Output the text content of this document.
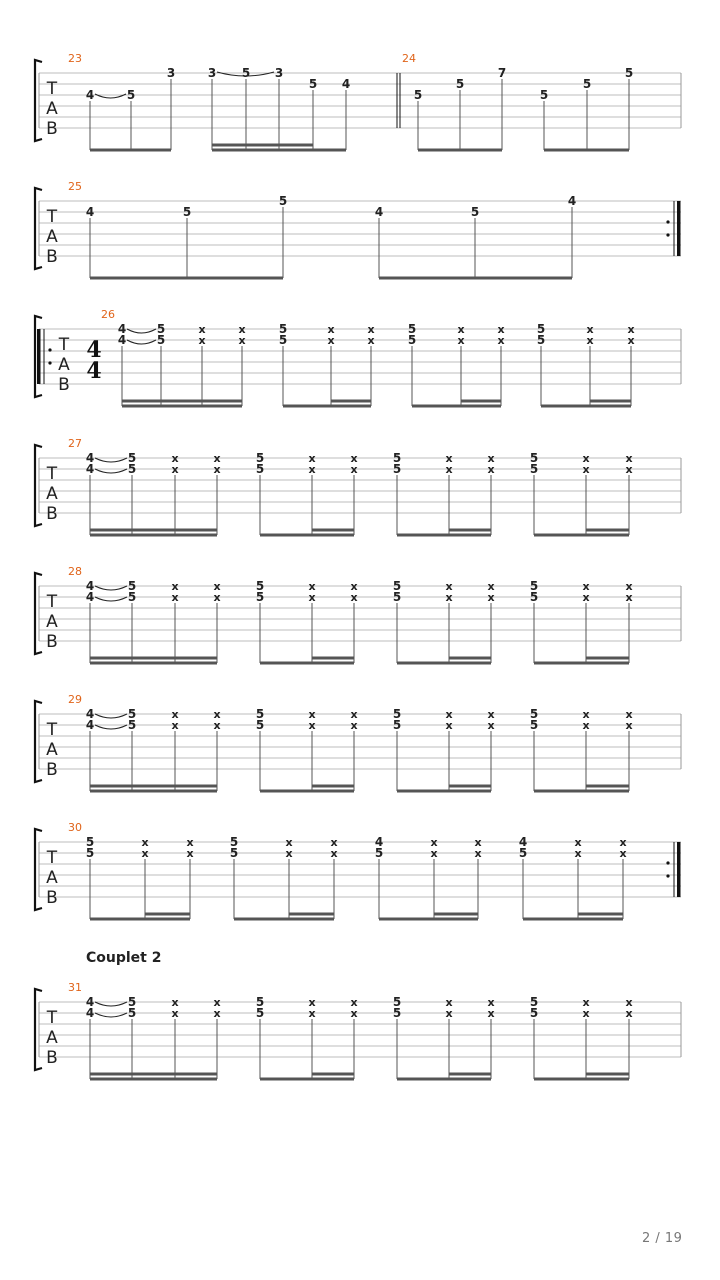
T
A
B
23
4	5
3	3 5 3
5 4
24
5
5
7
5
5
5
T
A
B
25
4	5
5
4	5
4
T
A
B
4
4
26
4
4
5
5
x
x
x
x
5
5
x
x
x
x
5
5
x
x
x
x
5
5
x
x
x
x
T
A
B
27
4
4
5
5
x
x
x
x
5
5
x
x
x
x
5
5
x
x
x
x
5
5
x
x
x
x
T
A
B
28
4
4
5
5
x
x
x
x
5
5
x
x
x
x
5
5
x
x
x
x
5
5
x
x
x
x
T
A
B
29
4
4
5
5
x
x
x
x
5
5
x
x
x
x
5
5
x
x
x
x
5
5
x
x
x
x
T
A
B
30
5
5
x
x
x
x
5
5
x
x
x
x
4
5
x
x
x
x
4
5
x
x
x
x
T
A
B
31
4
4
5
5
x
x
x
x
5
5
x
x
x
x
5
5
x
x
x
x
5
5
x
x
x
x
Couplet 2
2 / 19
